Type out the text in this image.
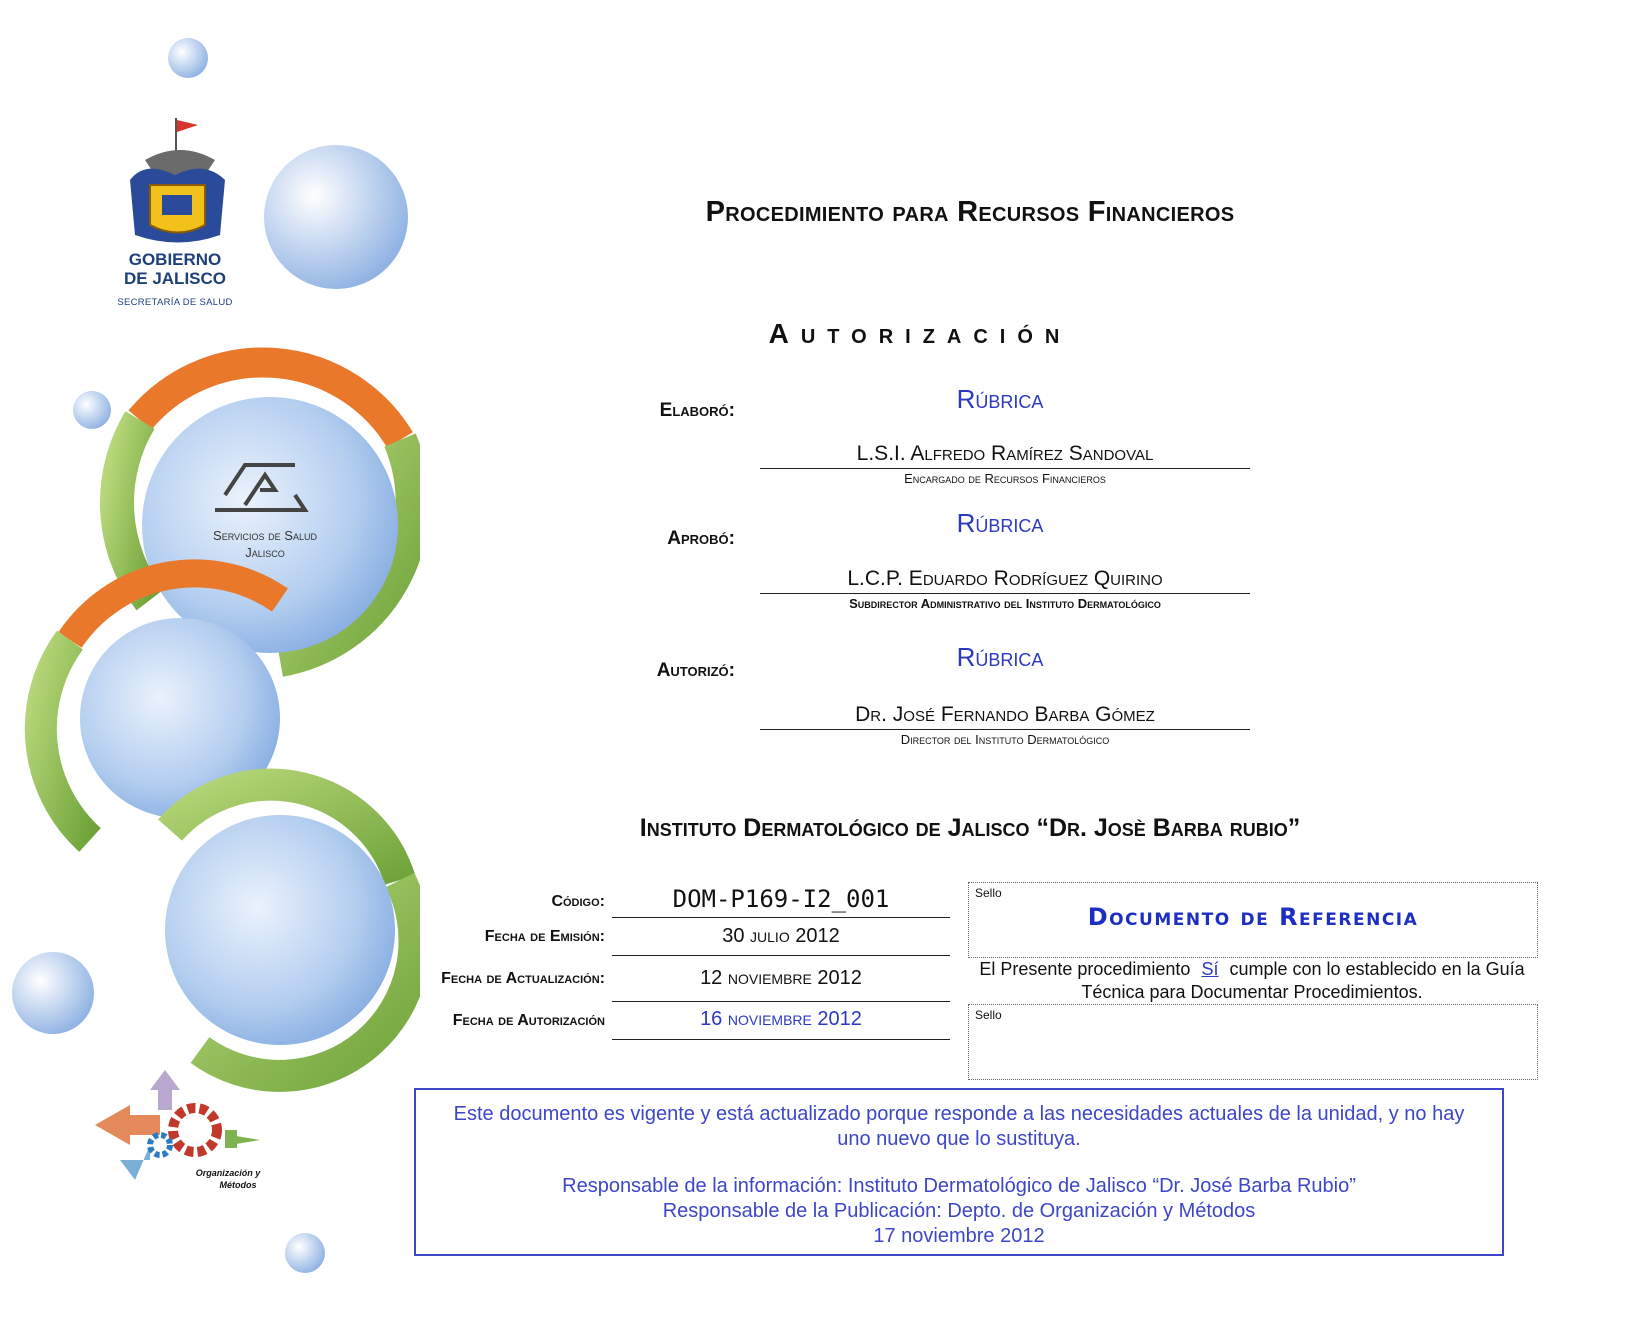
GOBIERNO
DE JALISCO
SECRETARÍA DE SALUD
Servicios de Salud
Jalisco
Organización y
Métodos
Procedimiento para Recursos Financieros
Autorización
Elaboró:	Rúbrica
L.S.I. Alfredo Ramírez Sandoval
Encargado de Recursos Financieros
Aprobó:
Rúbrica
L.C.P. Eduardo Rodríguez Quirino
Subdirector Administrativo del Instituto Dermatológico
Autorizó:	Rúbrica
Dr. José Fernando Barba Gómez
Director del Instituto Dermatológico
Instituto Dermatológico de Jalisco “Dr. Josè Barba rubio”
Código:	DOM-P169-I2_001
Fecha de Emisión:	30 julio 2012
Fecha de Actualización:	12 noviembre 2012
Fecha de Autorización	16 noviembre 2012
Sello
Documento de Referencia
El Presente procedimiento Sí cumple con lo establecido en la Guía Técnica para Documentar Procedimientos.
Sello
Este documento es vigente y está actualizado porque responde a las necesidades actuales de la unidad, y no hay uno nuevo que lo sustituya.
Responsable de la información: Instituto Dermatológico de Jalisco “Dr. José Barba Rubio”
Responsable de la Publicación: Depto. de Organización y Métodos
17 noviembre 2012
